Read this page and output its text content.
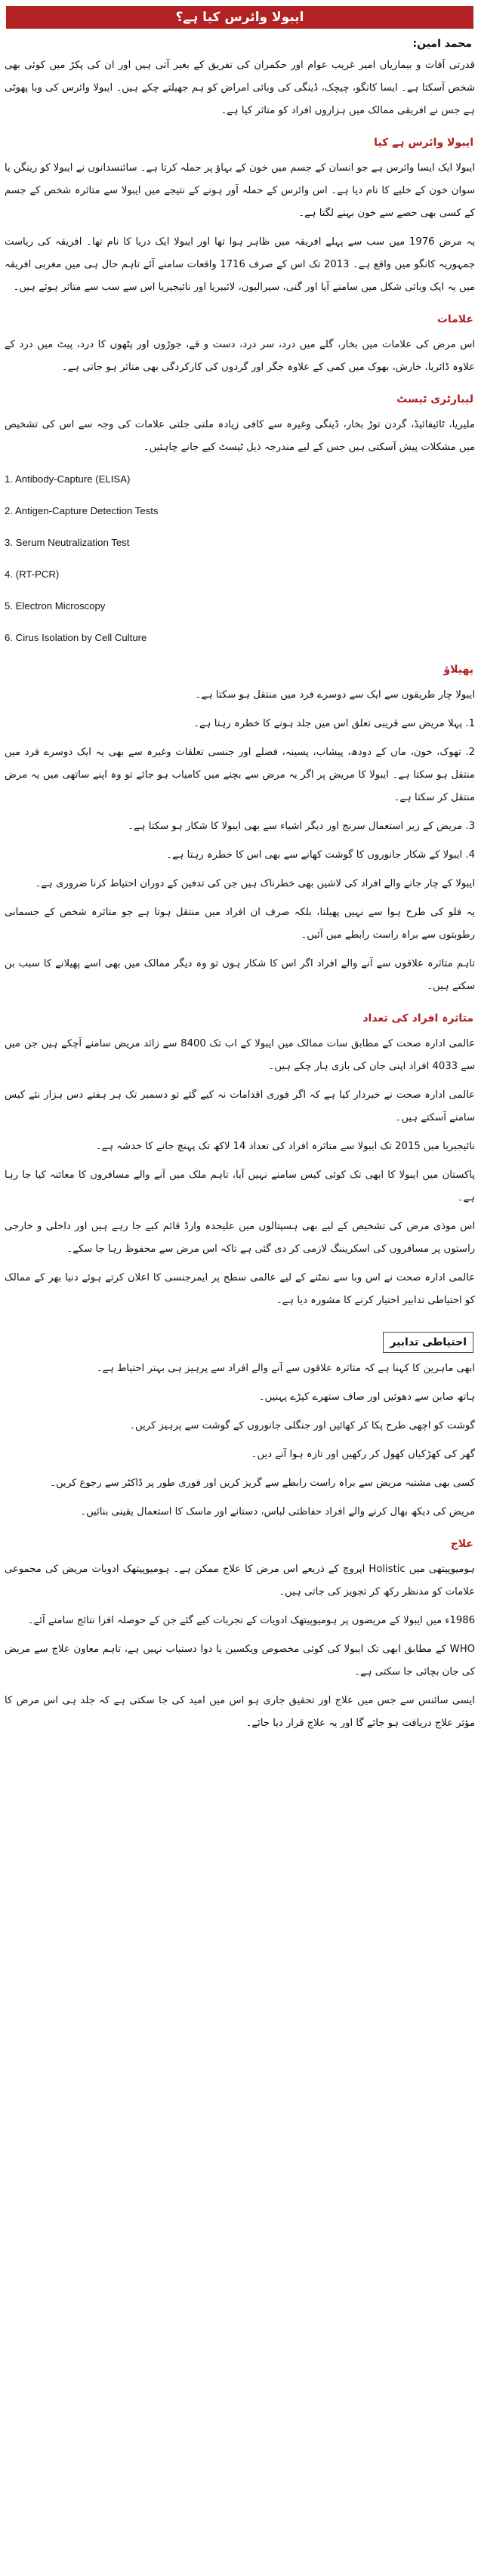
ایبولا وائرس کیا ہے؟
محمد امین:

قدرتی آفات و بیماریاں امیر غریب عوام اور حکمران کی تفریق کے بغیر آتی ہیں اور ان کی پکڑ میں کوئی بھی شخص آسکتا ہے۔ ایسا کانگو، چیچک، ڈینگی کی وبائی امراض کو ہم جھیلتے چکے ہیں۔ ایبولا وائرس کی وبا پھوٹی ہے جس نے افریقی ممالک میں ہزاروں افراد کو متاثر کیا ہے۔

ایبولا وائرس ہے کیا

ایبولا ایک ایسا وائرس ہے جو انسان کے جسم میں خون کے بہاؤ پر حملہ کرتا ہے۔ سائنسدانوں نے ایبولا کو رینگن یا سوان خون کے خلیے کا نام دیا ہے۔ اس وائرس کے حملہ آور ہونے کے نتیجے میں ایبولا سے متاثرہ شخص کے جسم کے کسی بھی حصے سے خون بہنے لگتا ہے۔

یہ مرض 1976 میں سب سے پہلے افریقہ میں ظاہر ہوا تھا اور ایبولا ایک دریا کا نام تھا۔ افریقہ کی ریاست جمہوریہ کانگو میں واقع ہے۔ 2013 تک اس کے صرف 1716 واقعات سامنے آئے تاہم حال ہی میں مغربی افریقہ میں یہ ایک وبائی شکل میں سامنے آیا اور گنی، سیرالیون، لائبیریا اور نائیجیریا اس سے سب سے متاثر ہوئے ہیں۔

علامات

اس مرض کی علامات میں بخار، گلے میں درد، سر درد، دست و قے، جوڑوں اور پٹھوں کا درد، پیٹ میں درد کے علاوہ ڈائریا، خارش، بھوک میں کمی کے علاوہ جگر اور گردوں کی کارکردگی بھی متاثر ہو جاتی ہے۔

لیبارٹری ٹیسٹ

ملیریا، ٹائیفائیڈ، گردن توڑ بخار، ڈینگی وغیرہ سے کافی زیادہ ملتی جلتی علامات کی وجہ سے اس کی تشخیص میں مشکلات پیش آسکتی ہیں جس کے لیے مندرجہ ذیل ٹیسٹ کیے جانے چاہئیں۔

1. Antibody-Capture (ELISA)
2. Antigen-Capture Detection Tests
3. Serum Neutralization Test
4. (RT-PCR)
5. Electron Microscopy
6. Cirus Isolation by Cell Culture
پھیلاؤ

ایبولا چار طریقوں سے ایک سے دوسرے فرد میں منتقل ہو سکتا ہے۔

1. پہلا مریض سے قریبی تعلق اس میں جلد ہونے کا خطرہ رہتا ہے۔

2. تھوک، خون، ماں کے دودھ، پیشاب، پسینہ، فضلے اور جنسی تعلقات وغیرہ سے بھی یہ ایک دوسرے فرد میں منتقل ہو سکتا ہے۔ ایبولا کا مریض پر اگر یہ مرض سے بچنے میں کامیاب ہو جائے تو وہ اپنے ساتھی میں یہ مرض منتقل کر سکتا ہے۔

3. مریض کے زیر استعمال سرنج اور دیگر اشیاء سے بھی ایبولا کا شکار ہو سکتا ہے۔

4. ایبولا کے شکار جانوروں کا گوشت کھانے سے بھی اس کا خطرہ رہتا ہے۔

ایبولا کے چار جانے والے افراد کی لاشیں بھی خطرناک ہیں جن کی تدفین کے دوران احتیاط کرنا ضروری ہے۔

یہ فلو کی طرح ہوا سے نہیں پھیلتا، بلکہ صرف ان افراد میں منتقل ہوتا ہے جو متاثرہ شخص کے جسمانی رطوبتوں سے براہ راست رابطے میں آئیں۔

تاہم متاثرہ علاقوں سے آنے والے افراد اگر اس کا شکار ہوں تو وہ دیگر ممالک میں بھی اسے پھیلانے کا سبب بن سکتے ہیں۔

متاثرہ افراد کی تعداد

عالمی ادارہ صحت کے مطابق سات ممالک میں ایبولا کے اب تک 8400 سے زائد مریض سامنے آچکے ہیں جن میں سے 4033 افراد اپنی جان کی بازی ہار چکے ہیں۔

عالمی ادارہ صحت نے خبردار کیا ہے کہ اگر فوری اقدامات نہ کیے گئے تو دسمبر تک ہر ہفتے دس ہزار نئے کیس سامنے آسکتے ہیں۔

نائیجیریا میں 2015 تک ایبولا سے متاثرہ افراد کی تعداد 14 لاکھ تک پہنچ جانے کا خدشہ ہے۔

پاکستان میں ایبولا کا ابھی تک کوئی کیس سامنے نہیں آیا، تاہم ملک میں آنے والے مسافروں کا معائنہ کیا جا رہا ہے۔

اس موذی مرض کی تشخیص کے لیے بھی ہسپتالوں میں علیحدہ وارڈ قائم کیے جا رہے ہیں اور داخلی و خارجی راستوں پر مسافروں کی اسکریننگ لازمی کر دی گئی ہے تاکہ اس مرض سے محفوظ رہا جا سکے۔

عالمی ادارہ صحت نے اس وبا سے نمٹنے کے لیے عالمی سطح پر ایمرجنسی کا اعلان کرتے ہوئے دنیا بھر کے ممالک کو احتیاطی تدابیر اختیار کرنے کا مشورہ دیا ہے۔

احتیاطی تدابیر

ابھی ماہرین کا کہنا ہے کہ متاثرہ علاقوں سے آنے والے افراد سے پرہیز ہی بہتر احتیاط ہے۔

ہاتھ صابن سے دھوئیں اور صاف ستھرے کپڑے پہنیں۔

گوشت کو اچھی طرح پکا کر کھائیں اور جنگلی جانوروں کے گوشت سے پرہیز کریں۔

گھر کی کھڑکیاں کھول کر رکھیں اور تازہ ہوا آنے دیں۔

کسی بھی مشتبہ مریض سے براہ راست رابطے سے گریز کریں اور فوری طور پر ڈاکٹر سے رجوع کریں۔

مریض کی دیکھ بھال کرنے والے افراد حفاظتی لباس، دستانے اور ماسک کا استعمال یقینی بنائیں۔

علاج

ہومیوپیتھی میں Holistic اپروچ کے ذریعے اس مرض کا علاج ممکن ہے۔ ہومیوپیتھک ادویات مریض کی مجموعی علامات کو مدنظر رکھ کر تجویز کی جاتی ہیں۔

1986ء میں ایبولا کے مریضوں پر ہومیوپیتھک ادویات کے تجربات کیے گئے جن کے حوصلہ افزا نتائج سامنے آئے۔

WHO کے مطابق ابھی تک ایبولا کی کوئی مخصوص ویکسین یا دوا دستیاب نہیں ہے، تاہم معاون علاج سے مریض کی جان بچائی جا سکتی ہے۔

ایسی سائنس سے جس میں علاج اور تحقیق جاری ہو اس میں امید کی جا سکتی ہے کہ جلد ہی اس مرض کا مؤثر علاج دریافت ہو جائے گا اور یہ علاج قرار دیا جائے۔
